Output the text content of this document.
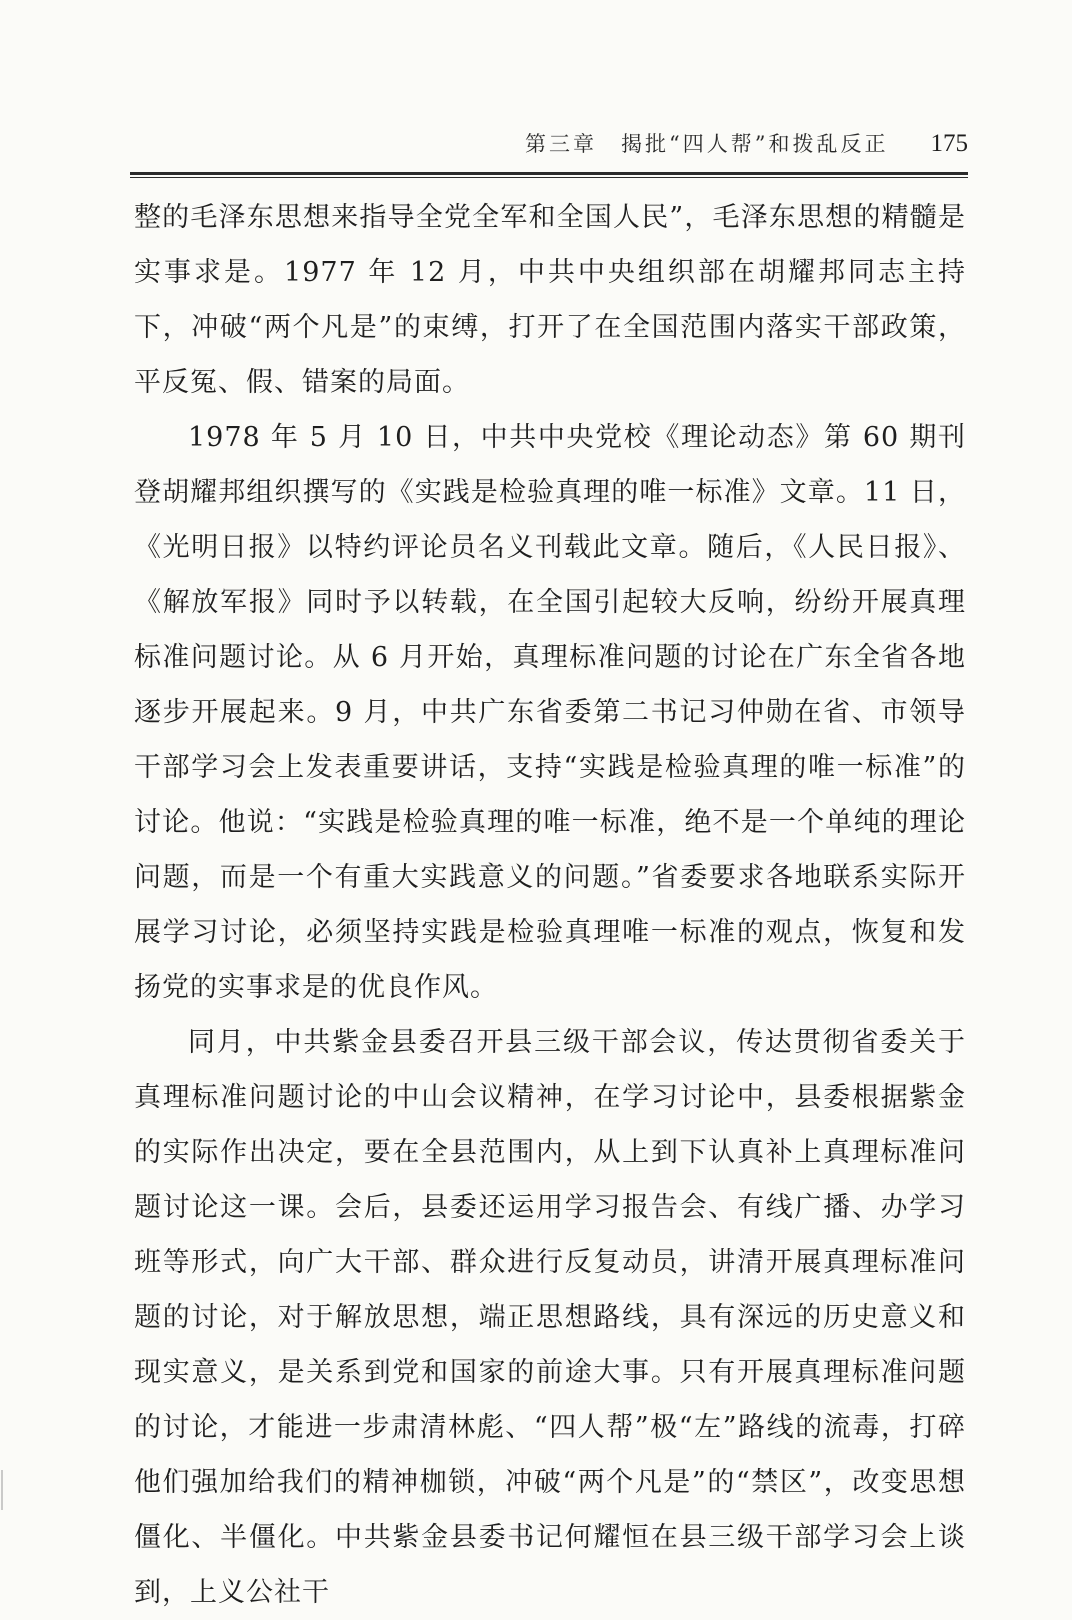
第三章　揭批“四人帮”和拨乱反正 175

整的毛泽东思想来指导全党全军和全国人民”，毛泽东思想的精髓是实事求是。1977 年 12 月，中共中央组织部在胡耀邦同志主持下，冲破“两个凡是”的束缚，打开了在全国范围内落实干部政策，平反冤、假、错案的局面。

1978 年 5 月 10 日，中共中央党校《理论动态》第 60 期刊登胡耀邦组织撰写的《实践是检验真理的唯一标准》文章。11 日，《光明日报》以特约评论员名义刊载此文章。随后，《人民日报》、《解放军报》同时予以转载，在全国引起较大反响，纷纷开展真理标准问题讨论。从 6 月开始，真理标准问题的讨论在广东全省各地逐步开展起来。9 月，中共广东省委第二书记习仲勋在省、市领导干部学习会上发表重要讲话，支持“实践是检验真理的唯一标准”的讨论。他说：“实践是检验真理的唯一标准，绝不是一个单纯的理论问题，而是一个有重大实践意义的问题。”省委要求各地联系实际开展学习讨论，必须坚持实践是检验真理唯一标准的观点，恢复和发扬党的实事求是的优良作风。

同月，中共紫金县委召开县三级干部会议，传达贯彻省委关于真理标准问题讨论的中山会议精神，在学习讨论中，县委根据紫金的实际作出决定，要在全县范围内，从上到下认真补上真理标准问题讨论这一课。会后，县委还运用学习报告会、有线广播、办学习班等形式，向广大干部、群众进行反复动员，讲清开展真理标准问题的讨论，对于解放思想，端正思想路线，具有深远的历史意义和现实意义，是关系到党和国家的前途大事。只有开展真理标准问题的讨论，才能进一步肃清林彪、“四人帮”极“左”路线的流毒，打碎他们强加给我们的精神枷锁，冲破“两个凡是”的“禁区”，改变思想僵化、半僵化。中共紫金县委书记何耀恒在县三级干部学习会上谈到，上义公社干
